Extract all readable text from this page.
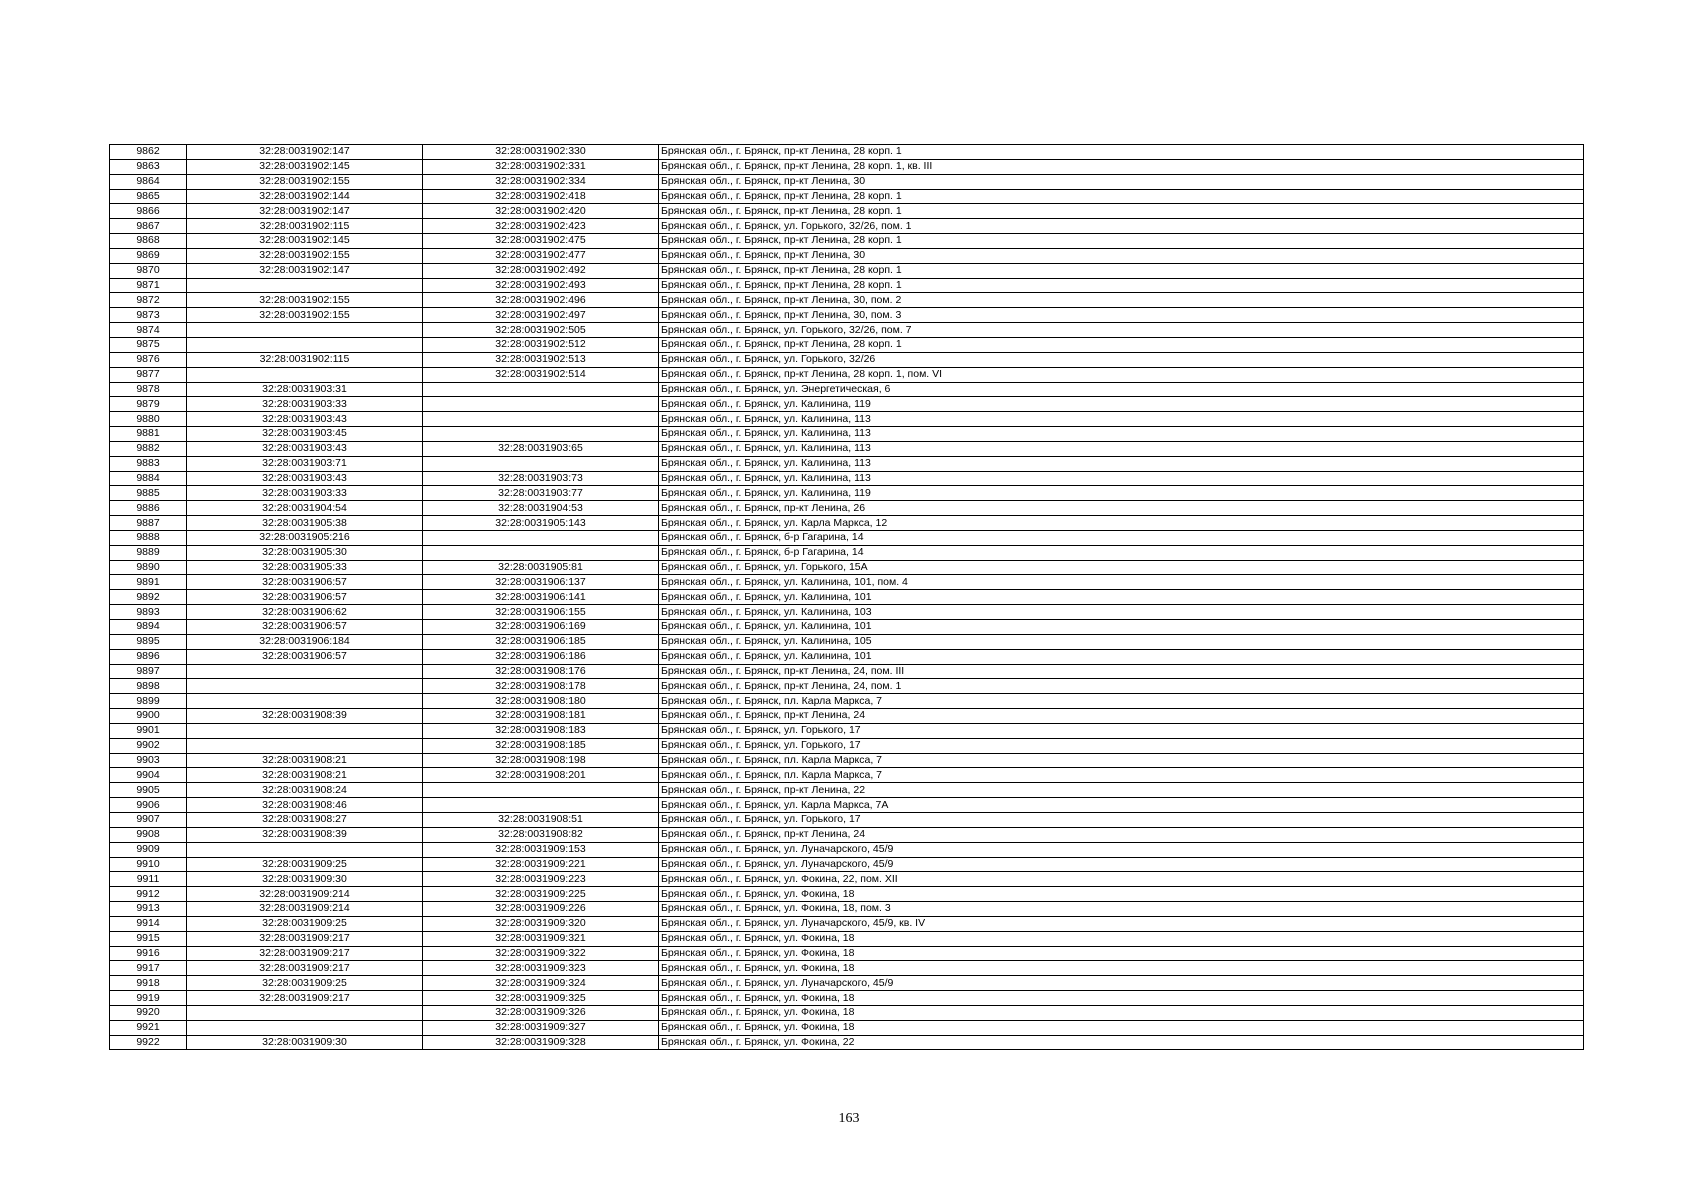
9862	32:28:0031902:147	32:28:0031902:330	Брянская обл., г. Брянск, пр-кт Ленина, 28 корп. 1
9863	32:28:0031902:145	32:28:0031902:331	Брянская обл., г. Брянск, пр-кт Ленина, 28 корп. 1, кв. III
9864	32:28:0031902:155	32:28:0031902:334	Брянская обл., г. Брянск, пр-кт Ленина, 30
9865	32:28:0031902:144	32:28:0031902:418	Брянская обл., г. Брянск, пр-кт Ленина, 28 корп. 1
9866	32:28:0031902:147	32:28:0031902:420	Брянская обл., г. Брянск, пр-кт Ленина, 28 корп. 1
9867	32:28:0031902:115	32:28:0031902:423	Брянская обл., г. Брянск, ул. Горького, 32/26, пом. 1
9868	32:28:0031902:145	32:28:0031902:475	Брянская обл., г. Брянск, пр-кт Ленина, 28 корп. 1
9869	32:28:0031902:155	32:28:0031902:477	Брянская обл., г. Брянск, пр-кт Ленина, 30
9870	32:28:0031902:147	32:28:0031902:492	Брянская обл., г. Брянск, пр-кт Ленина, 28 корп. 1
9871		32:28:0031902:493	Брянская обл., г. Брянск, пр-кт Ленина, 28 корп. 1
9872	32:28:0031902:155	32:28:0031902:496	Брянская обл., г. Брянск, пр-кт Ленина, 30, пом. 2
9873	32:28:0031902:155	32:28:0031902:497	Брянская обл., г. Брянск, пр-кт Ленина, 30, пом. 3
9874		32:28:0031902:505	Брянская обл., г. Брянск, ул. Горького, 32/26, пом. 7
9875		32:28:0031902:512	Брянская обл., г. Брянск, пр-кт Ленина, 28 корп. 1
9876	32:28:0031902:115	32:28:0031902:513	Брянская обл., г. Брянск, ул. Горького, 32/26
9877		32:28:0031902:514	Брянская обл., г. Брянск, пр-кт Ленина, 28 корп. 1, пом. VI
9878	32:28:0031903:31		Брянская обл., г. Брянск, ул. Энергетическая, 6
9879	32:28:0031903:33		Брянская обл., г. Брянск, ул. Калинина, 119
9880	32:28:0031903:43		Брянская обл., г. Брянск, ул. Калинина, 113
9881	32:28:0031903:45		Брянская обл., г. Брянск, ул. Калинина, 113
9882	32:28:0031903:43	32:28:0031903:65	Брянская обл., г. Брянск, ул. Калинина, 113
9883	32:28:0031903:71		Брянская обл., г. Брянск, ул. Калинина, 113
9884	32:28:0031903:43	32:28:0031903:73	Брянская обл., г. Брянск, ул. Калинина, 113
9885	32:28:0031903:33	32:28:0031903:77	Брянская обл., г. Брянск, ул. Калинина, 119
9886	32:28:0031904:54	32:28:0031904:53	Брянская обл., г. Брянск, пр-кт Ленина, 26
9887	32:28:0031905:38	32:28:0031905:143	Брянская обл., г. Брянск, ул. Карла Маркса, 12
9888	32:28:0031905:216		Брянская обл., г. Брянск, б-р Гагарина, 14
9889	32:28:0031905:30		Брянская обл., г. Брянск, б-р Гагарина, 14
9890	32:28:0031905:33	32:28:0031905:81	Брянская обл., г. Брянск, ул. Горького, 15А
9891	32:28:0031906:57	32:28:0031906:137	Брянская обл., г. Брянск, ул. Калинина, 101, пом. 4
9892	32:28:0031906:57	32:28:0031906:141	Брянская обл., г. Брянск, ул. Калинина, 101
9893	32:28:0031906:62	32:28:0031906:155	Брянская обл., г. Брянск, ул. Калинина, 103
9894	32:28:0031906:57	32:28:0031906:169	Брянская обл., г. Брянск, ул. Калинина, 101
9895	32:28:0031906:184	32:28:0031906:185	Брянская обл., г. Брянск, ул. Калинина, 105
9896	32:28:0031906:57	32:28:0031906:186	Брянская обл., г. Брянск, ул. Калинина, 101
9897		32:28:0031908:176	Брянская обл., г. Брянск, пр-кт Ленина, 24, пом. III
9898		32:28:0031908:178	Брянская обл., г. Брянск, пр-кт Ленина, 24, пом. 1
9899		32:28:0031908:180	Брянская обл., г. Брянск, пл. Карла Маркса, 7
9900	32:28:0031908:39	32:28:0031908:181	Брянская обл., г. Брянск, пр-кт Ленина, 24
9901		32:28:0031908:183	Брянская обл., г. Брянск, ул. Горького, 17
9902		32:28:0031908:185	Брянская обл., г. Брянск, ул. Горького, 17
9903	32:28:0031908:21	32:28:0031908:198	Брянская обл., г. Брянск, пл. Карла Маркса, 7
9904	32:28:0031908:21	32:28:0031908:201	Брянская обл., г. Брянск, пл. Карла Маркса, 7
9905	32:28:0031908:24		Брянская обл., г. Брянск, пр-кт Ленина, 22
9906	32:28:0031908:46		Брянская обл., г. Брянск, ул. Карла Маркса, 7А
9907	32:28:0031908:27	32:28:0031908:51	Брянская обл., г. Брянск, ул. Горького, 17
9908	32:28:0031908:39	32:28:0031908:82	Брянская обл., г. Брянск, пр-кт Ленина, 24
9909		32:28:0031909:153	Брянская обл., г. Брянск, ул. Луначарского, 45/9
9910	32:28:0031909:25	32:28:0031909:221	Брянская обл., г. Брянск, ул. Луначарского, 45/9
9911	32:28:0031909:30	32:28:0031909:223	Брянская обл., г. Брянск, ул. Фокина, 22, пом. XII
9912	32:28:0031909:214	32:28:0031909:225	Брянская обл., г. Брянск, ул. Фокина, 18
9913	32:28:0031909:214	32:28:0031909:226	Брянская обл., г. Брянск, ул. Фокина, 18, пом. 3
9914	32:28:0031909:25	32:28:0031909:320	Брянская обл., г. Брянск, ул. Луначарского, 45/9, кв. IV
9915	32:28:0031909:217	32:28:0031909:321	Брянская обл., г. Брянск, ул. Фокина, 18
9916	32:28:0031909:217	32:28:0031909:322	Брянская обл., г. Брянск, ул. Фокина, 18
9917	32:28:0031909:217	32:28:0031909:323	Брянская обл., г. Брянск, ул. Фокина, 18
9918	32:28:0031909:25	32:28:0031909:324	Брянская обл., г. Брянск, ул. Луначарского, 45/9
9919	32:28:0031909:217	32:28:0031909:325	Брянская обл., г. Брянск, ул. Фокина, 18
9920		32:28:0031909:326	Брянская обл., г. Брянск, ул. Фокина, 18
9921		32:28:0031909:327	Брянская обл., г. Брянск, ул. Фокина, 18
9922	32:28:0031909:30	32:28:0031909:328	Брянская обл., г. Брянск, ул. Фокина, 22
163
